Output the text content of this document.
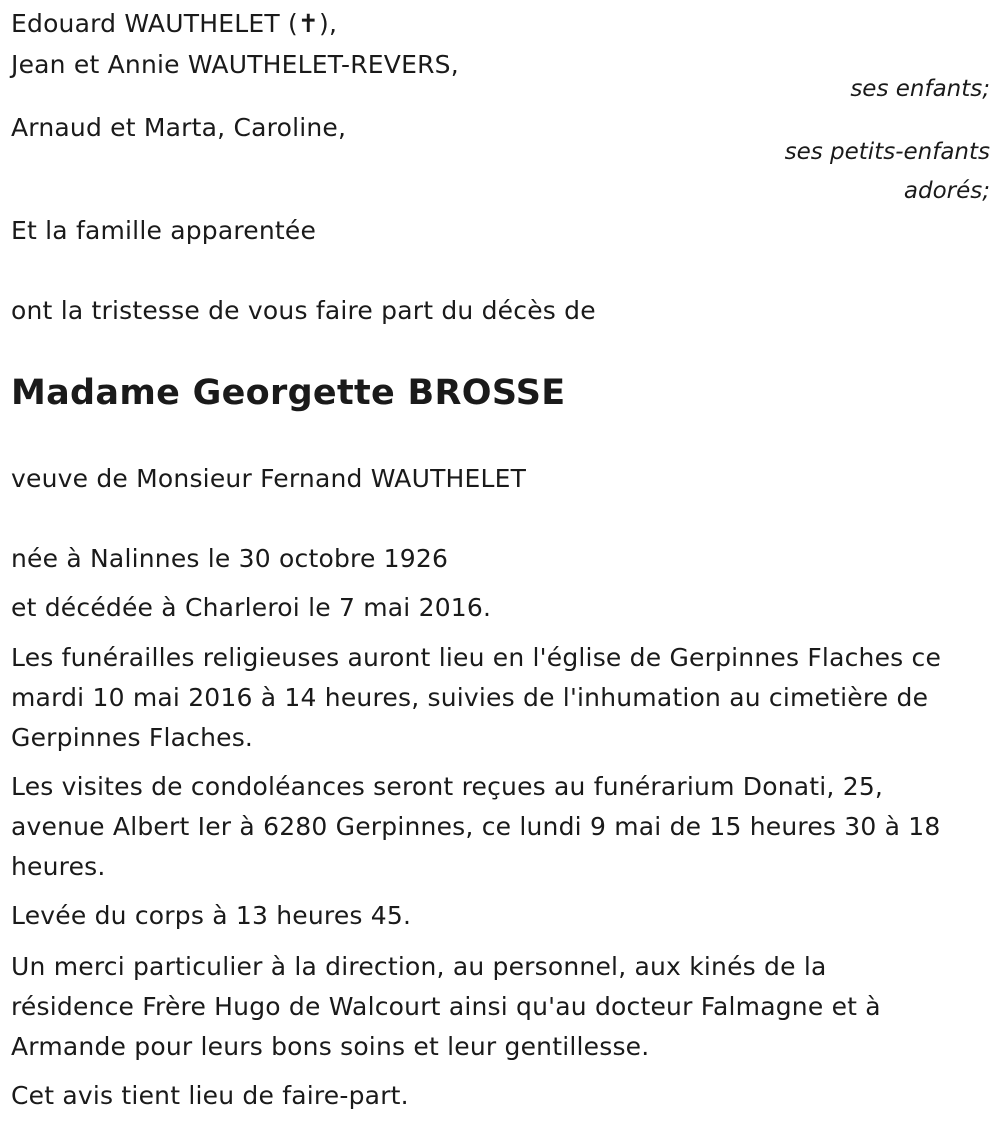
Edouard WAUTHELET (✝),
Jean et Annie WAUTHELET-REVERS,
ses enfants;
Arnaud et Marta, Caroline,
ses petits-enfants
adorés;
Et la famille apparentée
ont la tristesse de vous faire part du décès de
Madame Georgette BROSSE
veuve de Monsieur Fernand WAUTHELET
née à Nalinnes le 30 octobre 1926
et décédée à Charleroi le 7 mai 2016.
Les funérailles religieuses auront lieu en l'église de Gerpinnes Flaches ce
mardi 10 mai 2016 à 14 heures, suivies de l'inhumation au cimetière de
Gerpinnes Flaches.
Les visites de condoléances seront reçues au funérarium Donati, 25,
avenue Albert Ier à 6280 Gerpinnes, ce lundi 9 mai de 15 heures 30 à 18
heures.
Levée du corps à 13 heures 45.
Un merci particulier à la direction, au personnel, aux kinés de la
résidence Frère Hugo de Walcourt ainsi qu'au docteur Falmagne et à
Armande pour leurs bons soins et leur gentillesse.
Cet avis tient lieu de faire-part.
